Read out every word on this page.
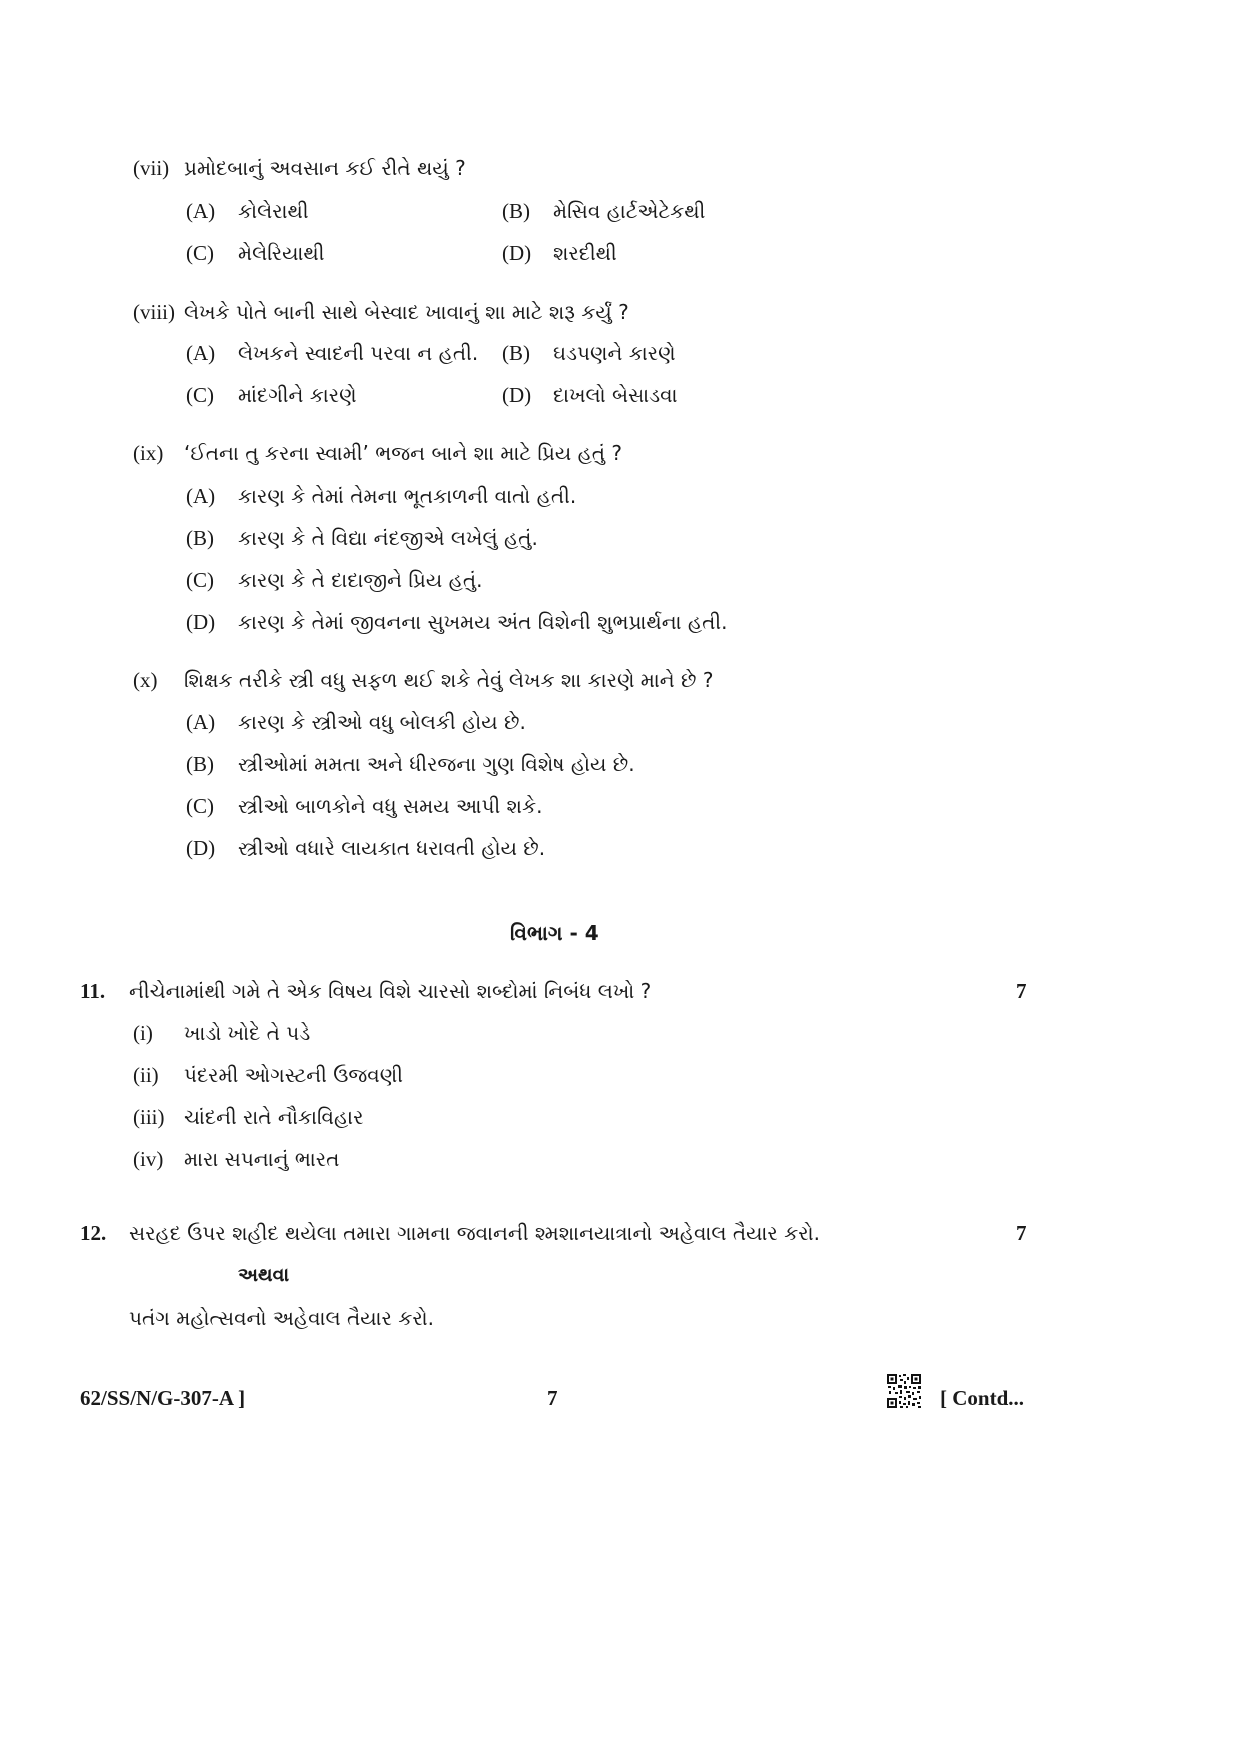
(vii) પ્રમોદબાનું અવસાન કઈ રીતે થયું ?
(A) કોલેરાથી	(B) મેસિવ હાર્ટએટેકથી
(C) મેલેરિયાથી	(D) શરદીથી
(viii) લેખકે પોતે બાની સાથે બેસ્વાદ ખાવાનું શા માટે શરૂ કર્યું ?
(A) લેખકને સ્વાદની પરવા ન હતી. (B) ઘડપણને કારણે
(C) માંદગીને કારણે	(D) દાખલો બેસાડવા
(ix) ‘ઈતના તુ કરના સ્વામી’ ભજન બાને શા માટે પ્રિય હતું ?
(A) કારણ કે તેમાં તેમના ભૂતકાળની વાતો હતી.
(B) કારણ કે તે વિદ્યા નંદજીએ લખેલું હતું.
(C) કારણ કે તે દાદાજીને પ્રિય હતું.
(D) કારણ કે તેમાં જીવનના સુખમય અંત વિશેની શુભપ્રાર્થના હતી.
(x) શિક્ષક તરીકે સ્ત્રી વધુ સફળ થઈ શકે તેવું લેખક શા કારણે માને છે ?
(A) કારણ કે સ્ત્રીઓ વધુ બોલકી હોય છે.
(B) સ્ત્રીઓમાં મમતા અને ધીરજના ગુણ વિશેષ હોય છે.
(C) સ્ત્રીઓ બાળકોને વધુ સમય આપી શકે.
(D) સ્ત્રીઓ વધારે લાયકાત ધરાવતી હોય છે.
વિભાગ - 4
11. નીચેનામાંથી ગમે તે એક વિષય વિશે ચારસો શબ્દોમાં નિબંધ લખો ?	7
(i) ખાડો ખોદે તે પડે
(ii) પંદરમી ઓગસ્ટની ઉજવણી
(iii) ચાંદની રાતે નૌકાવિહાર
(iv) મારા સપનાનું ભારત
12. સરહદ ઉપર શહીદ થયેલા તમારા ગામના જવાનની શ્મશાનયાત્રાનો અહેવાલ તૈયાર કરો.	7
અથવા
પતંગ મહોત્સવનો અહેવાલ તૈયાર કરો.
62/SS/N/G-307-A ]	7	[ Contd...
